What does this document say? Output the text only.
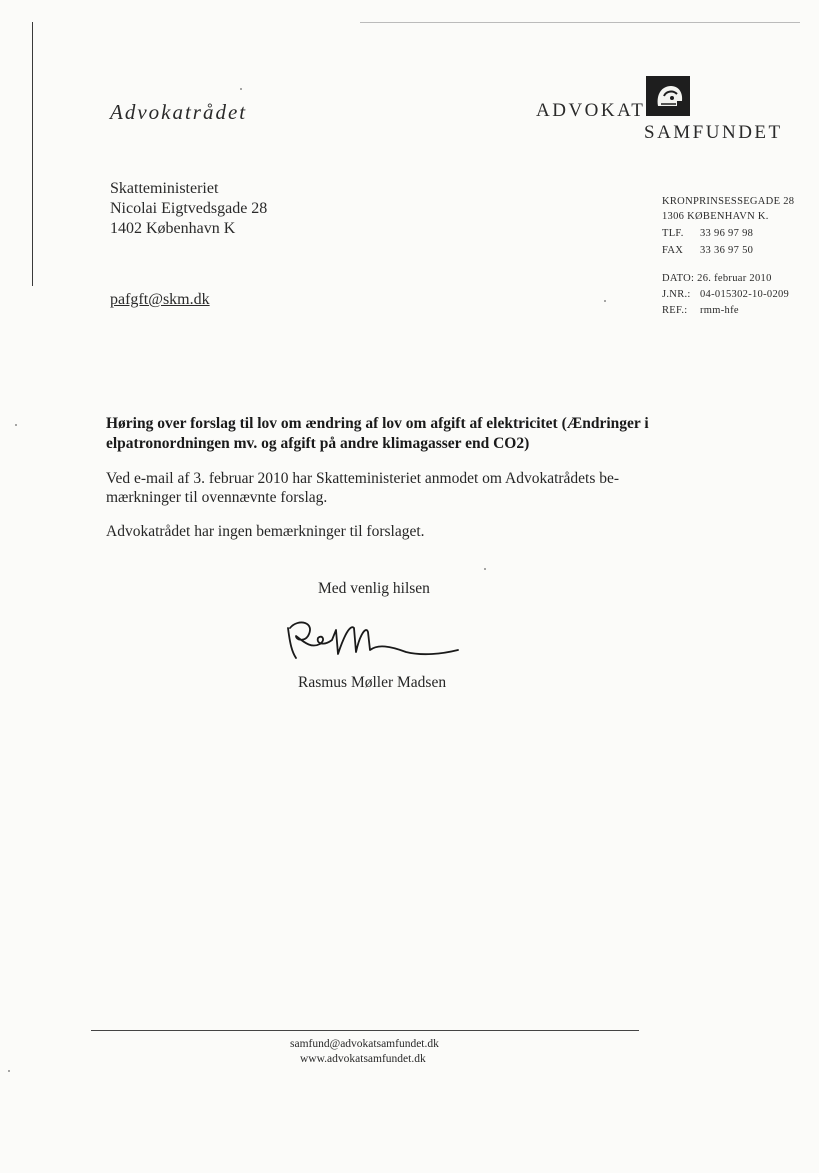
Advokatrådet	ADVOKAT
SAMFUNDET
Skatteministeriet
Nicolai Eigtvedsgade 28
1402 København K
pafgft@skm.dk
KRONPRINSESSEGADE 28
1306 KØBENHAVN K.
TLF. 33 96 97 98
FAX 33 36 97 50
DATO: 26. februar 2010
J.NR.: 04-015302-10-0209
REF.: rmm-hfe
Høring over forslag til lov om ændring af lov om afgift af elektricitet (Ændringer i elpatronordningen mv. og afgift på andre klimagasser end CO2)
Ved e-mail af 3. februar 2010 har Skatteministeriet anmodet om Advokatrådets be-
mærkninger til ovennævnte forslag.
Advokatrådet har ingen bemærkninger til forslaget.
Med venlig hilsen
Rasmus Møller Madsen
samfund@advokatsamfundet.dk
www.advokatsamfundet.dk
